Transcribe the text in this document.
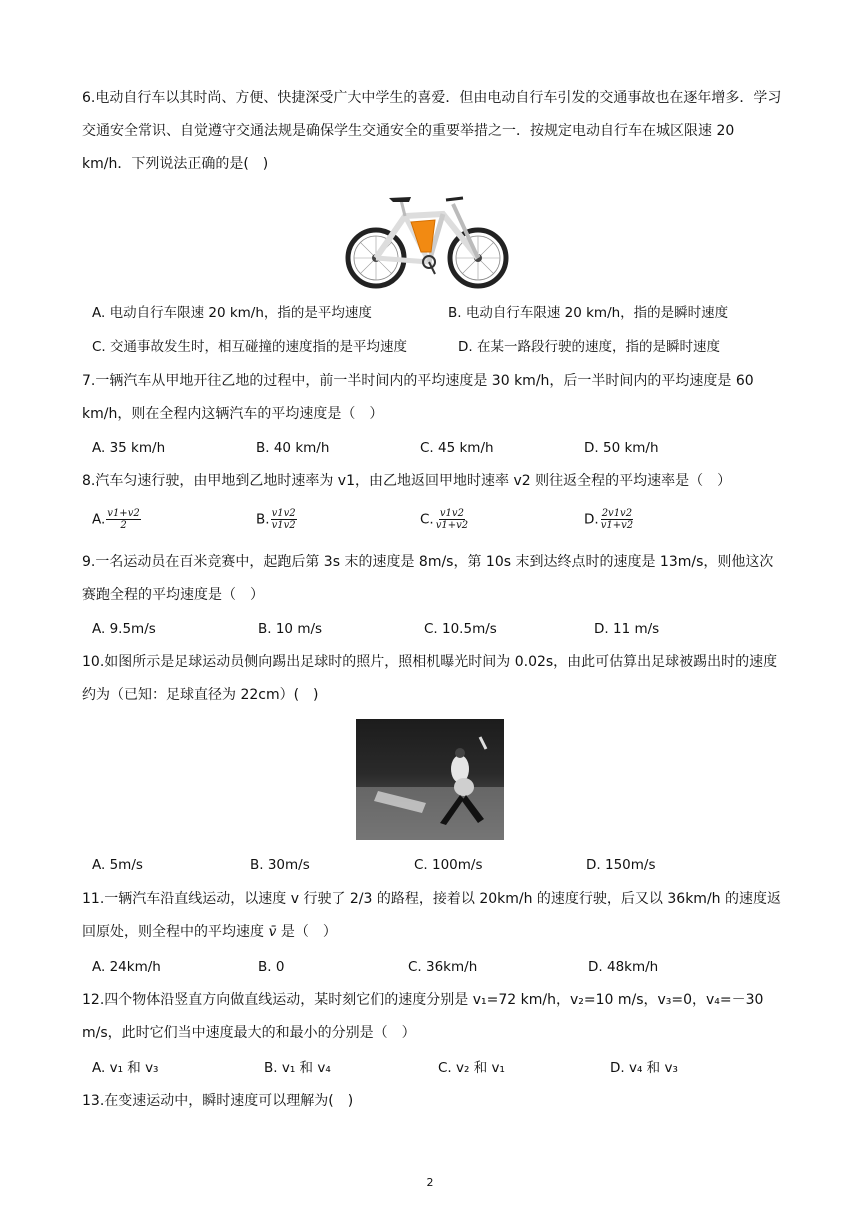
6.电动自行车以其时尚、方便、快捷深受广大中学生的喜爱．但由电动自行车引发的交通事故也在逐年增多．学习交通安全常识、自觉遵守交通法规是确保学生交通安全的重要举措之一．按规定电动自行车在城区限速 20 km/h．下列说法正确的是(　)

A. 电动自行车限速 20 km/h，指的是平均速度	B. 电动自行车限速 20 km/h，指的是瞬时速度
C. 交通事故发生时，相互碰撞的速度指的是平均速度	D. 在某一路段行驶的速度，指的是瞬时速度

7.一辆汽车从甲地开往乙地的过程中，前一半时间内的平均速度是 30 km/h，后一半时间内的平均速度是 60 km/h，则在全程内这辆汽车的平均速度是（　）

A. 35 km/h	B. 40 km/h	C. 45 km/h	D. 50 km/h

8.汽车匀速行驶，由甲地到乙地时速率为 v1，由乙地返回甲地时速率 v2 则往返全程的平均速率是（　）

A. $\frac{v1+v2}{2}$	B. $\frac{v1v2}{v1v2}$	C. $\frac{v1v2}{v1+v2}$	D. $\frac{2v1v2}{v1+v2}$

9.一名运动员在百米竞赛中，起跑后第 3s 末的速度是 8m/s，第 10s 末到达终点时的速度是 13m/s，则他这次赛跑全程的平均速度是（　）

A. 9.5m/s	B. 10 m/s	C. 10.5m/s	D. 11 m/s

10.如图所示是足球运动员侧向踢出足球时的照片，照相机曝光时间为 0.02s，由此可估算出足球被踢出时的速度约为（已知：足球直径为 22cm）(　)

A. 5m/s	B. 30m/s	C. 100m/s	D. 150m/s

11.一辆汽车沿直线运动，以速度 v 行驶了 2/3 的路程，接着以 20km/h 的速度行驶，后又以 36km/h 的速度返回原处，则全程中的平均速度 v̄ 是（　）

A. 24km/h	B. 0	C. 36km/h	D. 48km/h

12.四个物体沿竖直方向做直线运动，某时刻它们的速度分别是 v₁=72 km/h，v₂=10 m/s，v₃=0，v₄=－30 m/s，此时它们当中速度最大的和最小的分别是（　）

A. v₁ 和 v₃	B. v₁ 和 v₄	C. v₂ 和 v₁	D. v₄ 和 v₃

13.在变速运动中，瞬时速度可以理解为(　)

2
